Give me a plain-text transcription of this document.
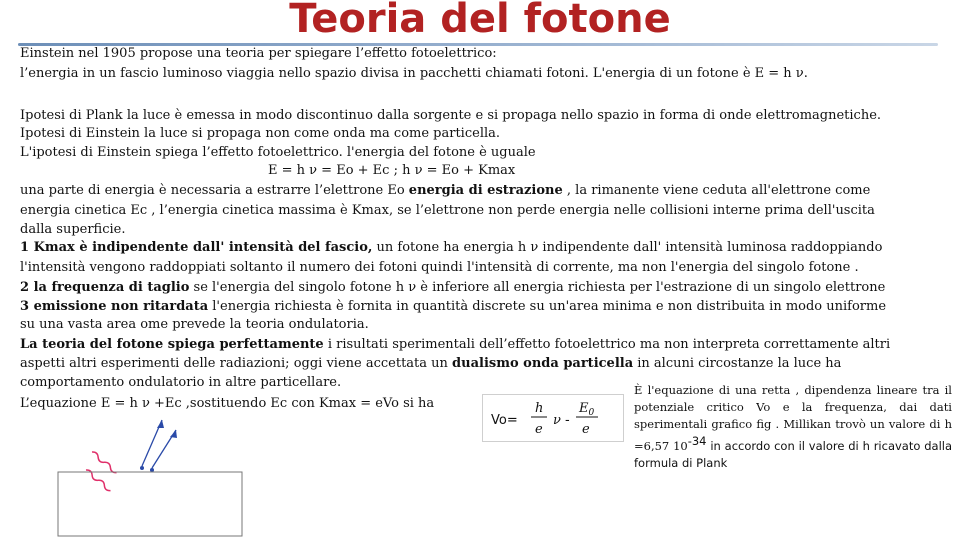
Teoria del fotone

Einstein nel 1905 propose una teoria per spiegare l’effetto fotoelettrico:

l’energia in un fascio luminoso viaggia nello spazio divisa in pacchetti chiamati fotoni. L'energia di un fotone è E = h ν.

Ipotesi di Plank la luce è emessa in modo discontinuo dalla sorgente e si propaga nello spazio in forma di onde elettromagnetiche.

Ipotesi di Einstein la luce si propaga non come onda ma come particella.

L'ipotesi di Einstein spiega l’effetto fotoelettrico. l'energia del fotone è uguale

E = h ν = Eo + Ec ; h ν = Eo + Kmax

una parte di energia è necessaria a estrarre l’elettrone Eo energia di estrazione , la rimanente viene ceduta all'elettrone come

energia cinetica Ec , l’energia cinetica massima è Kmax, se l’elettrone non perde energia nelle collisioni interne prima dell'uscita

dalla superficie.

1 Kmax è indipendente dall' intensità del fascio, un fotone ha energia h ν indipendente dall' intensità luminosa raddoppiando

l'intensità vengono raddoppiati soltanto il numero dei fotoni quindi l'intensità di corrente, ma non l'energia del singolo fotone .

2 la frequenza di taglio se l'energia del singolo fotone h ν è inferiore all energia richiesta per l'estrazione di un singolo elettrone

3 emissione non ritardata l'energia richiesta è fornita in quantità discrete su un'area minima e non distribuita in modo uniforme

su una vasta area ome prevede la teoria ondulatoria.

La teoria del fotone spiega perfettamente i risultati sperimentali dell’effetto fotoelettrico ma non interpreta correttamente altri

aspetti altri esperimenti delle radiazioni; oggi viene accettata un dualismo onda particella in alcuni circostanze la luce ha

comportamento ondulatorio in altre particellare.

L’equazione E = h ν +Ec ,sostituendo Ec con Kmax = eVo si ha

Vo=
h
e
ν -
$E_0$
e

È l'equazione di una retta , dipendenza lineare tra il potenziale critico Vo e la frequenza, dai dati sperimentali grafico fig . Millikan trovò un valore di h =6,57 $10^{-34}$ in accordo con il valore di h ricavato dalla formula di Plank
